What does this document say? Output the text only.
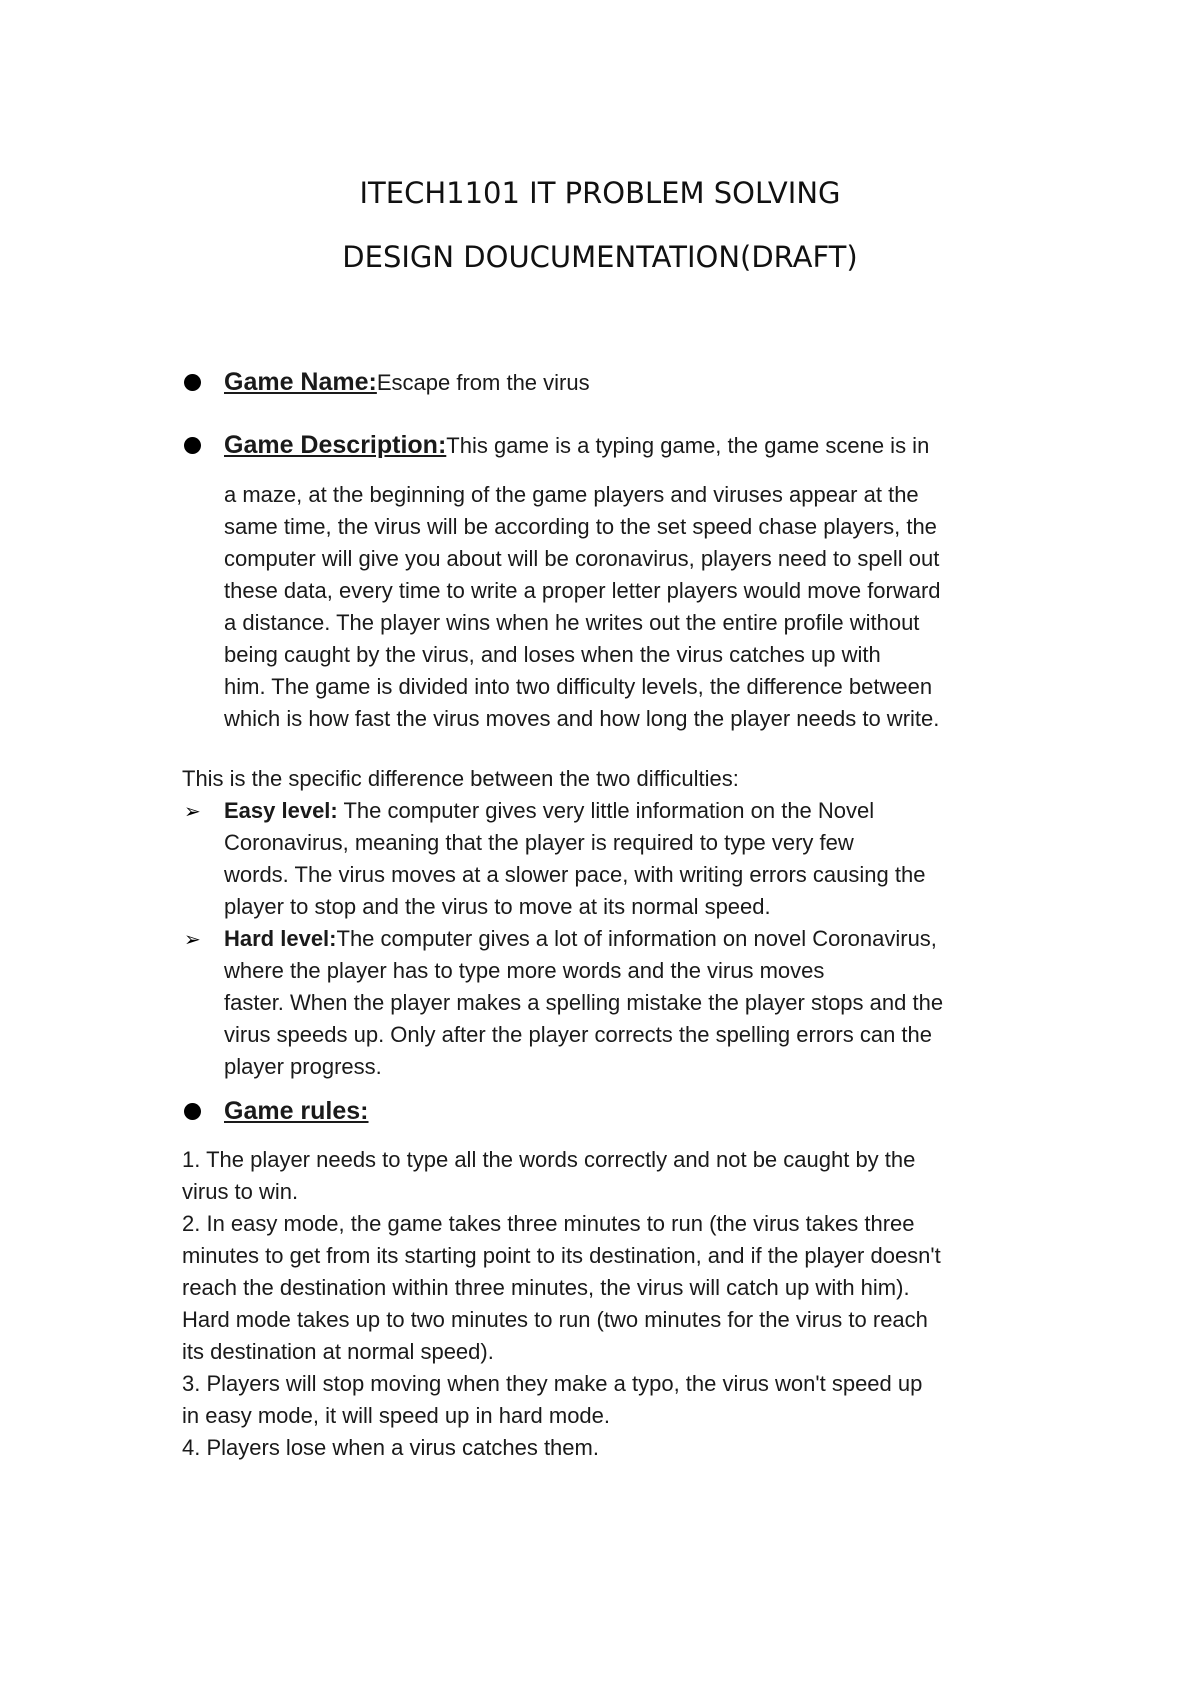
ITECH1101 IT PROBLEM SOLVING
DESIGN DOUCUMENTATION(DRAFT)
Game Name:Escape from the virus
Game Description:This game is a typing game, the game scene is in
a maze, at the beginning of the game players and viruses appear at the
same time, the virus will be according to the set speed chase players, the
computer will give you about will be coronavirus, players need to spell out
these data, every time to write a proper letter players would move forward
a distance. The player wins when he writes out the entire profile without
being caught by the virus, and loses when the virus catches up with
him. The game is divided into two difficulty levels, the difference between
which is how fast the virus moves and how long the player needs to write.
This is the specific difference between the two difficulties:
➢ Easy level: The computer gives very little information on the Novel
Coronavirus, meaning that the player is required to type very few
words. The virus moves at a slower pace, with writing errors causing the
player to stop and the virus to move at its normal speed.
➢ Hard level:The computer gives a lot of information on novel Coronavirus,
where the player has to type more words and the virus moves
faster. When the player makes a spelling mistake the player stops and the
virus speeds up. Only after the player corrects the spelling errors can the
player progress.
Game rules:
1. The player needs to type all the words correctly and not be caught by the
virus to win.
2. In easy mode, the game takes three minutes to run (the virus takes three
minutes to get from its starting point to its destination, and if the player doesn't
reach the destination within three minutes, the virus will catch up with him).
Hard mode takes up to two minutes to run (two minutes for the virus to reach
its destination at normal speed).
3. Players will stop moving when they make a typo, the virus won't speed up
in easy mode, it will speed up in hard mode.
4. Players lose when a virus catches them.
